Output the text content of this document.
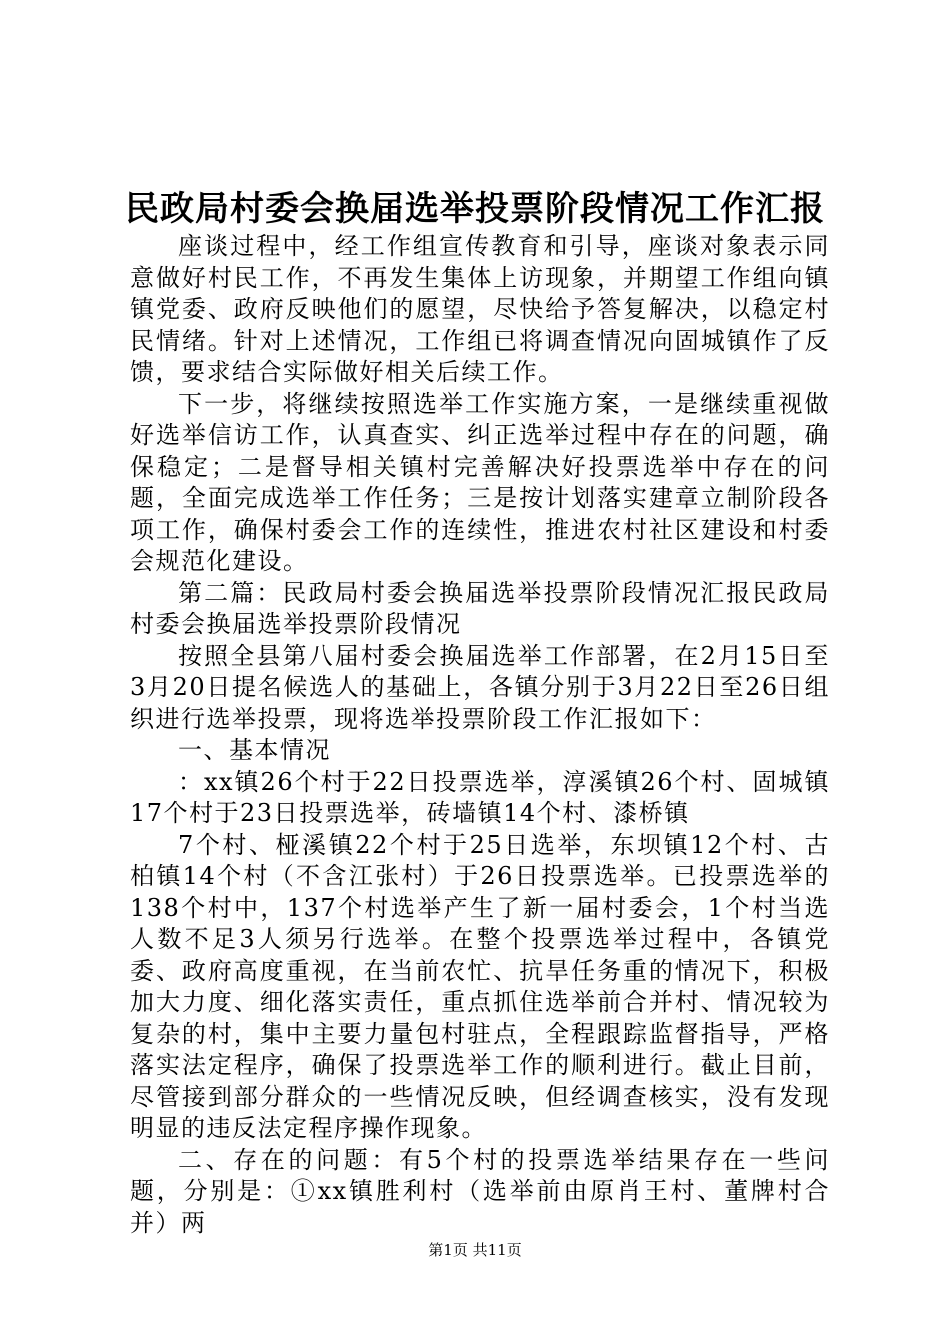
民政局村委会换届选举投票阶段情况工作汇报

座谈过程中，经工作组宣传教育和引导，座谈对象表示同意做好村民工作，不再发生集体上访现象，并期望工作组向镇镇党委、政府反映他们的愿望，尽快给予答复解决，以稳定村民情绪。针对上述情况，工作组已将调查情况向固城镇作了反馈，要求结合实际做好相关后续工作。

下一步，将继续按照选举工作实施方案，一是继续重视做好选举信访工作，认真查实、纠正选举过程中存在的问题，确保稳定；二是督导相关镇村完善解决好投票选举中存在的问题，全面完成选举工作任务；三是按计划落实建章立制阶段各项工作，确保村委会工作的连续性，推进农村社区建设和村委会规范化建设。

第二篇：民政局村委会换届选举投票阶段情况汇报民政局村委会换届选举投票阶段情况

按照全县第八届村委会换届选举工作部署，在2月15日至3月20日提名候选人的基础上，各镇分别于3月22日至26日组织进行选举投票，现将选举投票阶段工作汇报如下：

一、基本情况

：xx镇26个村于22日投票选举，淳溪镇26个村、固城镇17个村于23日投票选举，砖墙镇14个村、漆桥镇

7个村、桠溪镇22个村于25日选举，东坝镇12个村、古柏镇14个村（不含江张村）于26日投票选举。已投票选举的138个村中，137个村选举产生了新一届村委会，1个村当选人数不足3人须另行选举。在整个投票选举过程中，各镇党委、政府高度重视，在当前农忙、抗旱任务重的情况下，积极加大力度、细化落实责任，重点抓住选举前合并村、情况较为复杂的村，集中主要力量包村驻点，全程跟踪监督指导，严格落实法定程序，确保了投票选举工作的顺利进行。截止目前，尽管接到部分群众的一些情况反映，但经调查核实，没有发现明显的违反法定程序操作现象。

二、存在的问题：有5个村的投票选举结果存在一些问题，分别是：①xx镇胜利村（选举前由原肖王村、董牌村合并）两

第1页 共11页
